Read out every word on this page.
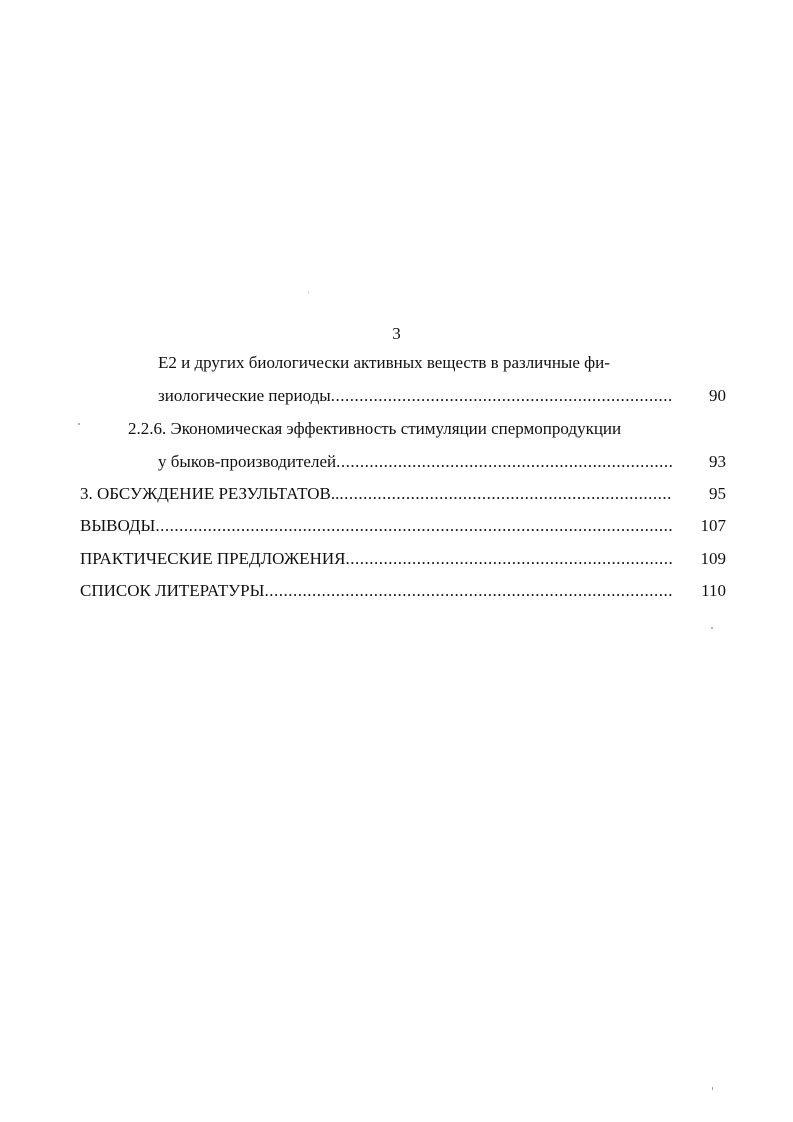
3
Е2 и других биологически активных веществ в различные фи-
зиологические периоды .....	90
2.2.6. Экономическая эффективность стимуляции спермопродукции
у быков-производителей .....	93
3. ОБСУЖДЕНИЕ РЕЗУЛЬТАТОВ.. .....	95
ВЫВОДЫ .....	107
ПРАКТИЧЕСКИЕ ПРЕДЛОЖЕНИЯ .....	109
СПИСОК ЛИТЕРАТУРЫ .....	110
